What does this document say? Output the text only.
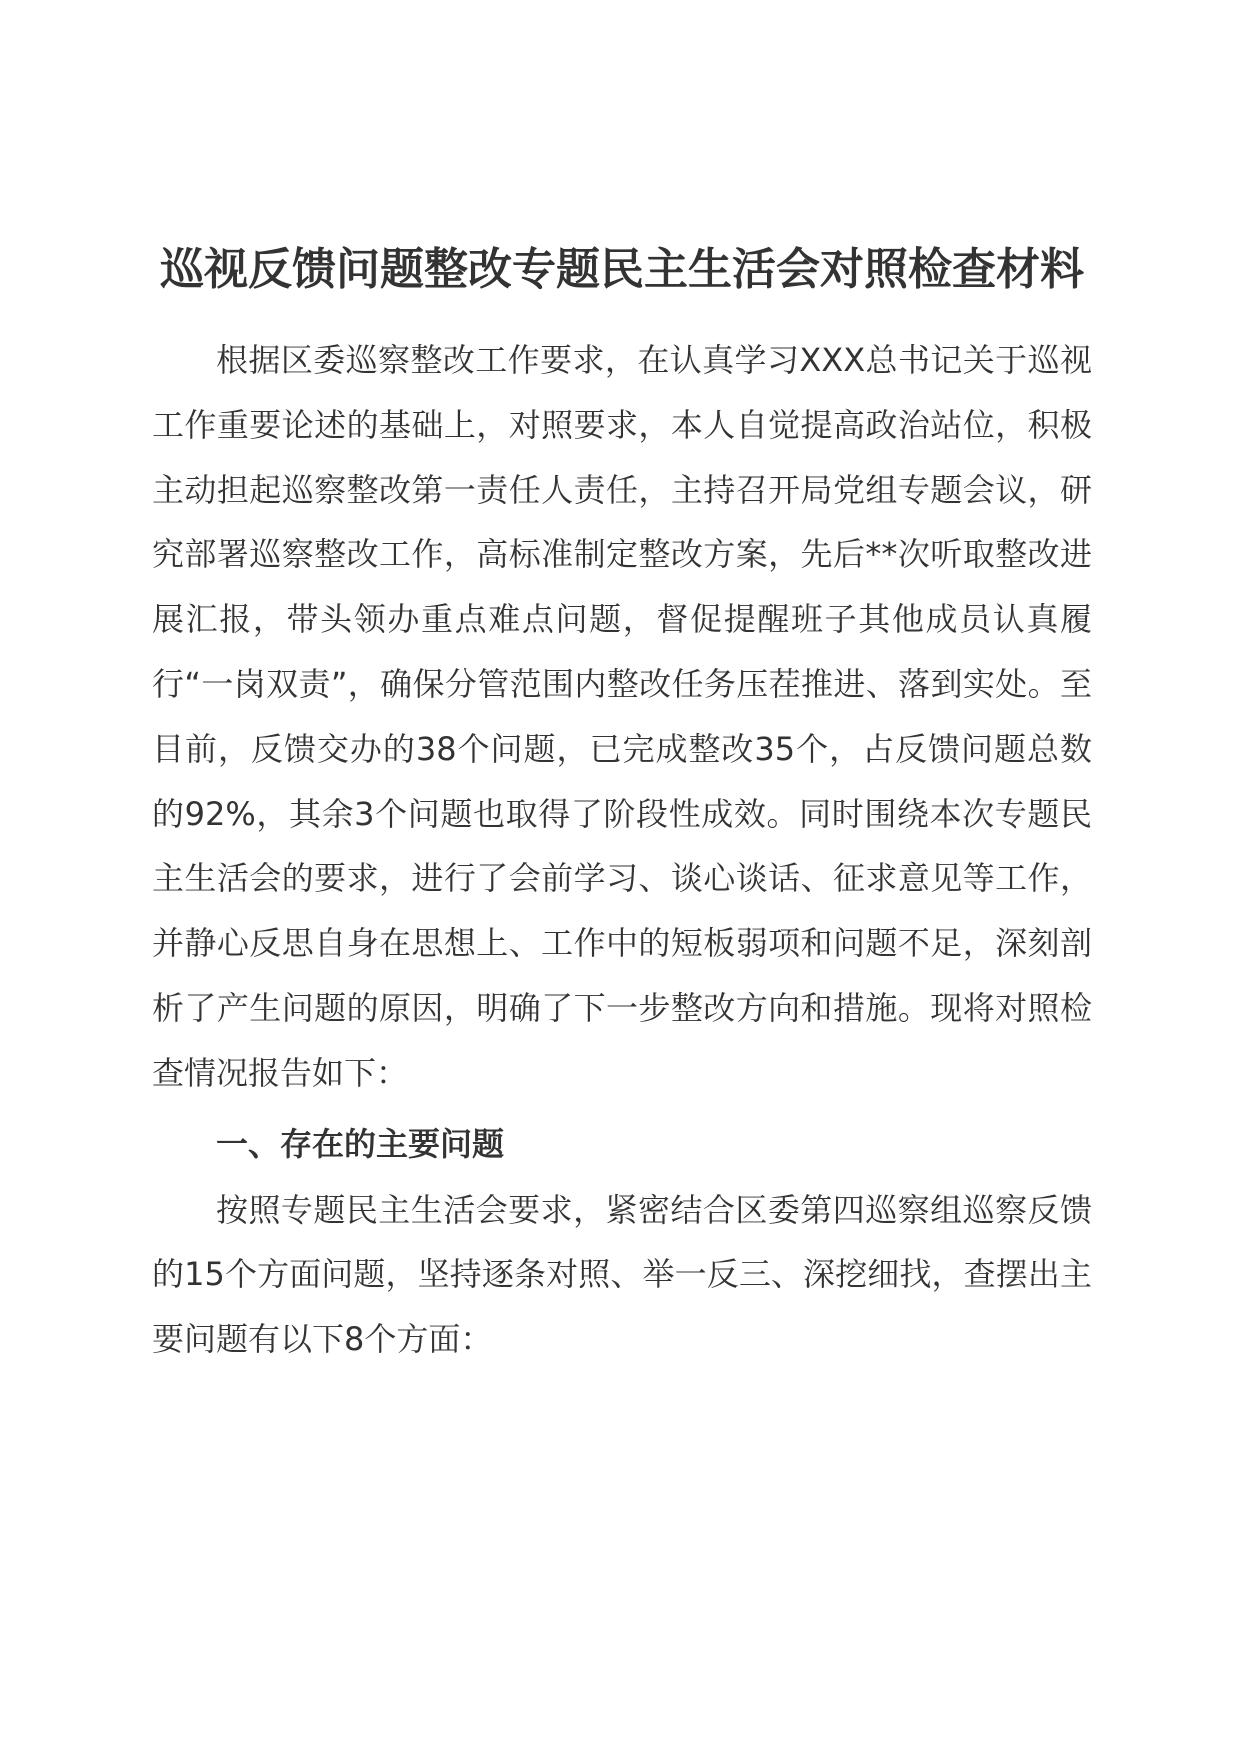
巡视反馈问题整改专题民主生活会对照检查材料

根据区委巡察整改工作要求，在认真学习XXX总书记关于巡视工作重要论述的基础上，对照要求，本人自觉提高政治站位，积极主动担起巡察整改第一责任人责任，主持召开局党组专题会议，研究部署巡察整改工作，高标准制定整改方案，先后**次听取整改进展汇报，带头领办重点难点问题，督促提醒班子其他成员认真履行“一岗双责”，确保分管范围内整改任务压茬推进、落到实处。至目前，反馈交办的38个问题，已完成整改35个，占反馈问题总数的92%，其余3个问题也取得了阶段性成效。同时围绕本次专题民主生活会的要求，进行了会前学习、谈心谈话、征求意见等工作，并静心反思自身在思想上、工作中的短板弱项和问题不足，深刻剖析了产生问题的原因，明确了下一步整改方向和措施。现将对照检查情况报告如下：

一、存在的主要问题

按照专题民主生活会要求，紧密结合区委第四巡察组巡察反馈的15个方面问题，坚持逐条对照、举一反三、深挖细找，查摆出主要问题有以下8个方面：
